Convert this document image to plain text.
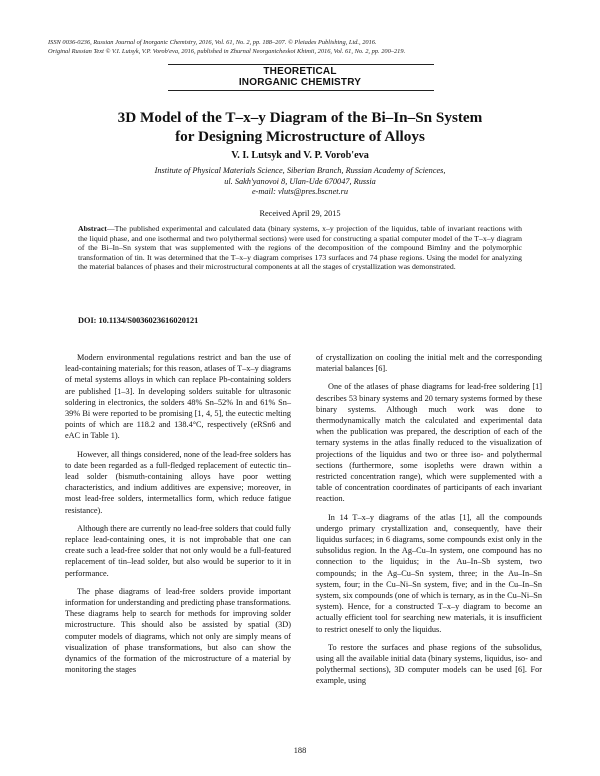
ISSN 0036-0236, Russian Journal of Inorganic Chemistry, 2016, Vol. 61, No. 2, pp. 188–207. © Pleiades Publishing, Ltd., 2016.
Original Russian Text © V.I. Lutsyk, V.P. Vorob'eva, 2016, published in Zhurnal Neorganicheskoi Khimii, 2016, Vol. 61, No. 2, pp. 200–219.
THEORETICAL
INORGANIC CHEMISTRY
3D Model of the T–x–y Diagram of the Bi–In–Sn System
for Designing Microstructure of Alloys
V. I. Lutsyk and V. P. Vorob'eva
Institute of Physical Materials Science, Siberian Branch, Russian Academy of Sciences,
ul. Sakh'yanovoi 8, Ulan-Ude 670047, Russia
e-mail: vluts@pres.bscnet.ru
Received April 29, 2015
Abstract—The published experimental and calculated data (binary systems, x–y projection of the liquidus, table of invariant reactions with the liquid phase, and one isothermal and two polythermal sections) were used for constructing a spatial computer model of the T–x–y diagram of the Bi–In–Sn system that was supplemented with the regions of the decomposition of the compound BimIny and the polymorphic transformation of tin. It was determined that the T–x–y diagram comprises 173 surfaces and 74 phase regions. Using the model for analyzing the material balances of phases and their microstructural components at all the stages of crystallization was demonstrated.
DOI: 10.1134/S0036023616020121

Modern environmental regulations restrict and ban the use of lead-containing materials; for this reason, atlases of T–x–y diagrams of metal systems alloys in which can replace Pb-containing solders are published [1–3]. In developing solders suitable for ultrasonic soldering in electronics, the solders 48% Sn–52% In and 61% Sn–39% Bi were reported to be promising [1, 4, 5], the eutectic melting points of which are 118.2 and 138.4°C, respectively (eRSn6 and eAC in Table 1).

However, all things considered, none of the lead-free solders has to date been regarded as a full-fledged replacement of eutectic tin–lead solder (bismuth-containing alloys have poor wetting characteristics, and indium additives are expensive; moreover, in most lead-free solders, intermetallics form, which reduce fatigue resistance).

Although there are currently no lead-free solders that could fully replace lead-containing ones, it is not improbable that one can create such a lead-free solder that not only would be a full-featured replacement of tin–lead solder, but also would be superior to it in performance.

The phase diagrams of lead-free solders provide important information for understanding and predicting phase transformations. These diagrams help to search for methods for improving solder microstructure. This should also be assisted by spatial (3D) computer models of diagrams, which not only are simply means of visualization of phase transformations, but also can show the dynamics of the formation of the microstructure of a material by monitoring the stages

of crystallization on cooling the initial melt and the corresponding material balances [6].

One of the atlases of phase diagrams for lead-free soldering [1] describes 53 binary systems and 20 ternary systems formed by these binary systems. Although much work was done to thermodynamically match the calculated and experimental data when the publication was prepared, the description of each of the ternary systems in the atlas finally reduced to the visualization of projections of the liquidus and two or three iso- and polythermal sections (furthermore, some isopleths were drawn within a restricted concentration range), which were supplemented with a table of concentration coordinates of participants of each invariant reaction.

In 14 T–x–y diagrams of the atlas [1], all the compounds undergo primary crystallization and, consequently, have their liquidus surfaces; in 6 diagrams, some compounds exist only in the subsolidus region. In the Ag–Cu–In system, one compound has no connection to the liquidus; in the Au–In–Sb system, two compounds; in the Ag–Cu–Sn system, three; in the Au–In–Sn system, four; in the Cu–Ni–Sn system, five; and in the Cu–In–Sn system, six compounds (one of which is ternary, as in the Cu–Ni–Sn system). Hence, for a constructed T–x–y diagram to become an actually efficient tool for searching new materials, it is insufficient to restrict oneself to only the liquidus.

To restore the surfaces and phase regions of the subsolidus, using all the available initial data (binary systems, liquidus, iso- and polythermal sections), 3D computer models can be used [6]. For example, using

188
